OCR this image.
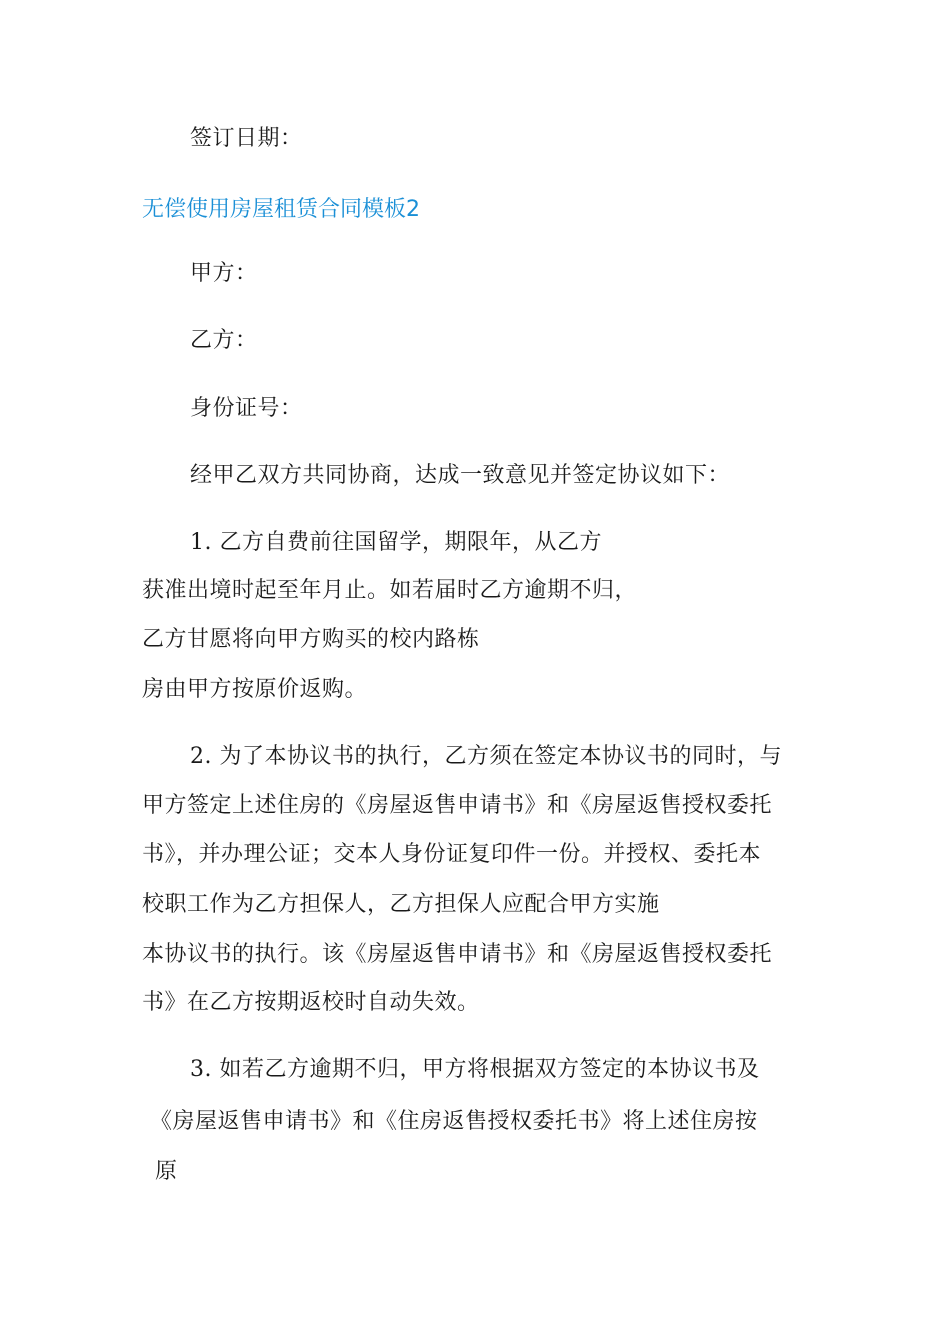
签订日期：
无偿使用房屋租赁合同模板2
甲方：
乙方：
身份证号：
经甲乙双方共同协商，达成一致意见并签定协议如下：
1. 乙方自费前往国留学，期限年，从乙方
获准出境时起至年月止。如若届时乙方逾期不归，
乙方甘愿将向甲方购买的校内路栋
房由甲方按原价返购。
2. 为了本协议书的执行，乙方须在签定本协议书的同时，与
甲方签定上述住房的《房屋返售申请书》和《房屋返售授权委托
书》，并办理公证；交本人身份证复印件一份。并授权、委托本
校职工作为乙方担保人，乙方担保人应配合甲方实施
本协议书的执行。该《房屋返售申请书》和《房屋返售授权委托
书》在乙方按期返校时自动失效。
3. 如若乙方逾期不归，甲方将根据双方签定的本协议书及
《房屋返售申请书》和《住房返售授权委托书》将上述住房按
原
